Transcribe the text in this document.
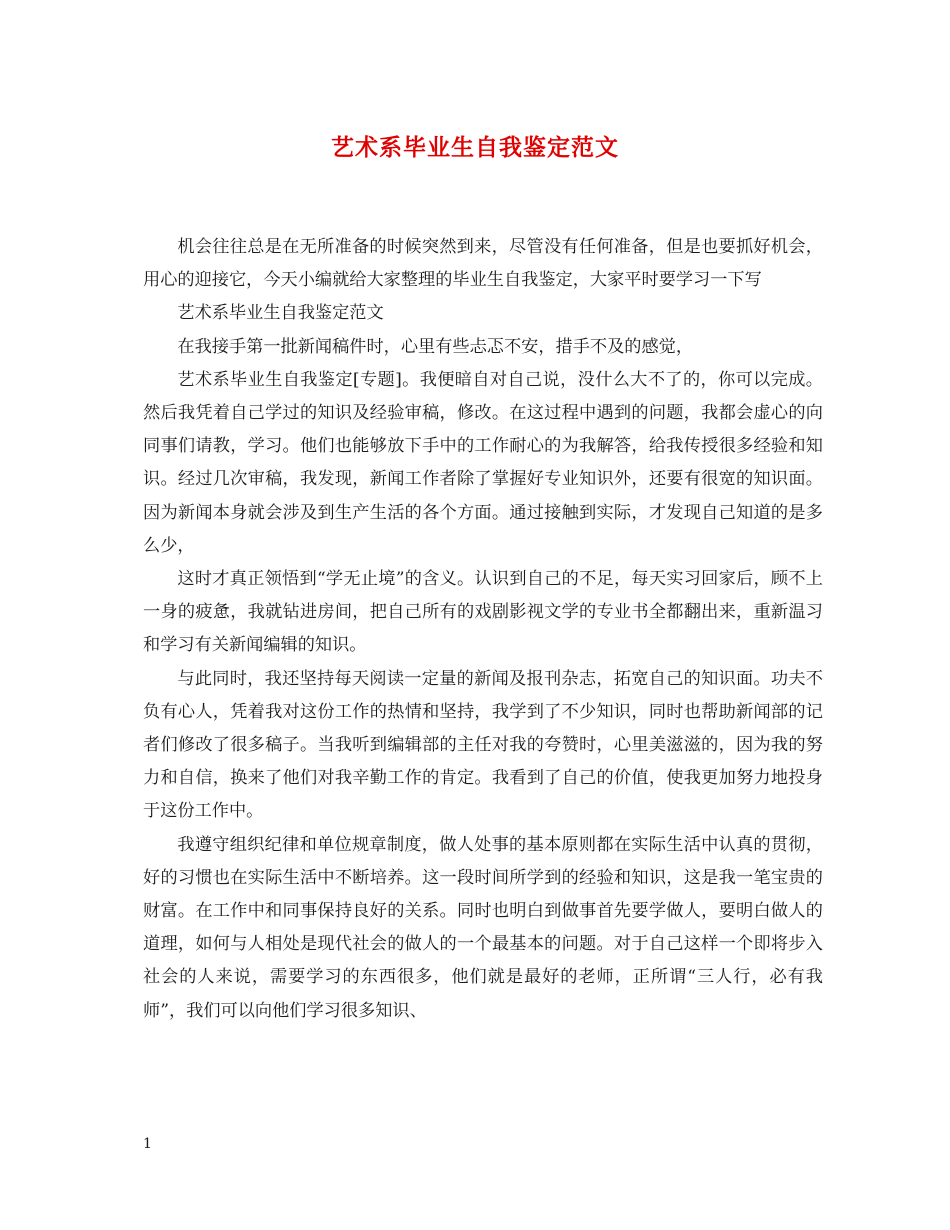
艺术系毕业生自我鉴定范文

机会往往总是在无所准备的时候突然到来，尽管没有任何准备，但是也要抓好机会，用心的迎接它，今天小编就给大家整理的毕业生自我鉴定，大家平时要学习一下写

艺术系毕业生自我鉴定范文

在我接手第一批新闻稿件时，心里有些忐忑不安，措手不及的感觉，

艺术系毕业生自我鉴定[专题]。我便暗自对自己说，没什么大不了的，你可以完成。然后我凭着自己学过的知识及经验审稿，修改。在这过程中遇到的问题，我都会虚心的向同事们请教，学习。他们也能够放下手中的工作耐心的为我解答，给我传授很多经验和知识。经过几次审稿，我发现，新闻工作者除了掌握好专业知识外，还要有很宽的知识面。因为新闻本身就会涉及到生产生活的各个方面。通过接触到实际，才发现自己知道的是多么少，

这时才真正领悟到“学无止境”的含义。认识到自己的不足，每天实习回家后，顾不上一身的疲惫，我就钻进房间，把自己所有的戏剧影视文学的专业书全都翻出来，重新温习和学习有关新闻编辑的知识。

与此同时，我还坚持每天阅读一定量的新闻及报刊杂志，拓宽自己的知识面。功夫不负有心人，凭着我对这份工作的热情和坚持，我学到了不少知识，同时也帮助新闻部的记者们修改了很多稿子。当我听到编辑部的主任对我的夸赞时，心里美滋滋的，因为我的努力和自信，换来了他们对我辛勤工作的肯定。我看到了自己的价值，使我更加努力地投身于这份工作中。

我遵守组织纪律和单位规章制度，做人处事的基本原则都在实际生活中认真的贯彻，好的习惯也在实际生活中不断培养。这一段时间所学到的经验和知识，这是我一笔宝贵的财富。在工作中和同事保持良好的关系。同时也明白到做事首先要学做人，要明白做人的道理，如何与人相处是现代社会的做人的一个最基本的问题。对于自己这样一个即将步入社会的人来说，需要学习的东西很多，他们就是最好的老师，正所谓“三人行，必有我师”，我们可以向他们学习很多知识、

1
